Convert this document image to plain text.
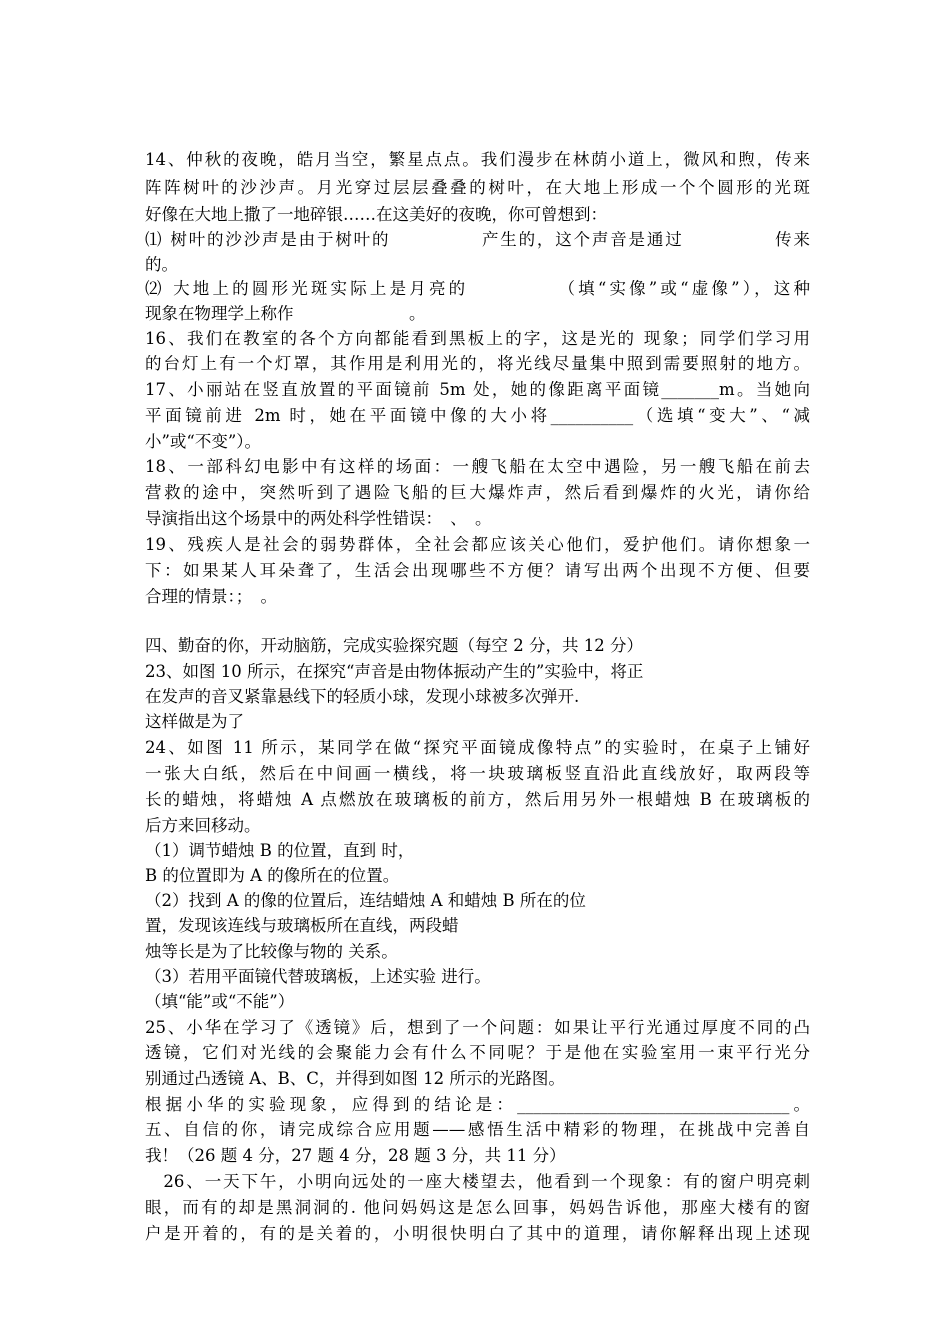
14、仲秋的夜晚，皓月当空，繁星点点。我们漫步在林荫小道上，微风和煦，传来
阵阵树叶的沙沙声。月光穿过层层叠叠的树叶，在大地上形成一个个圆形的光斑
好像在大地上撒了一地碎银……在这美好的夜晚，你可曾想到：
⑴ 树叶的沙沙声是由于树叶的　　　　　产生的，这个声音是通过　　　　　传来
的。
⑵ 大地上的圆形光斑实际上是月亮的　　　　　（填“实像”或“虚像”），这种
现象在物理学上称作　　　　　　　。
16、我们在教室的各个方向都能看到黑板上的字，这是光的 现象；同学们学习用
的台灯上有一个灯罩，其作用是利用光的，将光线尽量集中照到需要照射的地方。
17、小丽站在竖直放置的平面镜前 5m 处，她的像距离平面镜_______m。当她向
平面镜前进 2m 时，她在平面镜中像的大小将__________（选填“变大”、“减
小”或“不变”）。
18、一部科幻电影中有这样的场面：一艘飞船在太空中遇险，另一艘飞船在前去
营救的途中，突然听到了遇险飞船的巨大爆炸声，然后看到爆炸的火光，请你给
导演指出这个场景中的两处科学性错误：　、　。
19、残疾人是社会的弱势群体，全社会都应该关心他们，爱护他们。请你想象一
下：如果某人耳朵聋了，生活会出现哪些不方便？请写出两个出现不方便、但要
合理的情景：；　。
四、勤奋的你，开动脑筋，完成实验探究题（每空 2 分，共 12 分）
23、如图 10 所示，在探究“声音是由物体振动产生的”实验中，将正
在发声的音叉紧靠悬线下的轻质小球，发现小球被多次弹开.
这样做是为了
24、如图 11 所示，某同学在做“探究平面镜成像特点”的实验时，在桌子上铺好
一张大白纸，然后在中间画一横线，将一块玻璃板竖直沿此直线放好，取两段等
长的蜡烛，将蜡烛 A 点燃放在玻璃板的前方，然后用另外一根蜡烛 B 在玻璃板的
后方来回移动。
（1）调节蜡烛 B 的位置，直到 时，
B 的位置即为 A 的像所在的位置。
（2）找到 A 的像的位置后，连结蜡烛 A 和蜡烛 B 所在的位
置，发现该连线与玻璃板所在直线，两段蜡
烛等长是为了比较像与物的 关系。
（3）若用平面镜代替玻璃板，上述实验 进行。
（填“能”或“不能”）
25、小华在学习了《透镜》后，想到了一个问题：如果让平行光通过厚度不同的凸
透镜，它们对光线的会聚能力会有什么不同呢？于是他在实验室用一束平行光分
别通过凸透镜 A、B、C，并得到如图 12 所示的光路图。
根据小华的实验现象，应得到的结论是：_________________________________。
五、自信的你，请完成综合应用题——感悟生活中精彩的物理，在挑战中完善自
我！（26 题 4 分，27 题 4 分，28 题 3 分，共 11 分）
　26、一天下午，小明向远处的一座大楼望去，他看到一个现象：有的窗户明亮刺
眼，而有的却是黑洞洞的. 他问妈妈这是怎么回事，妈妈告诉他，那座大楼有的窗
户是开着的，有的是关着的，小明很快明白了其中的道理，请你解释出现上述现
